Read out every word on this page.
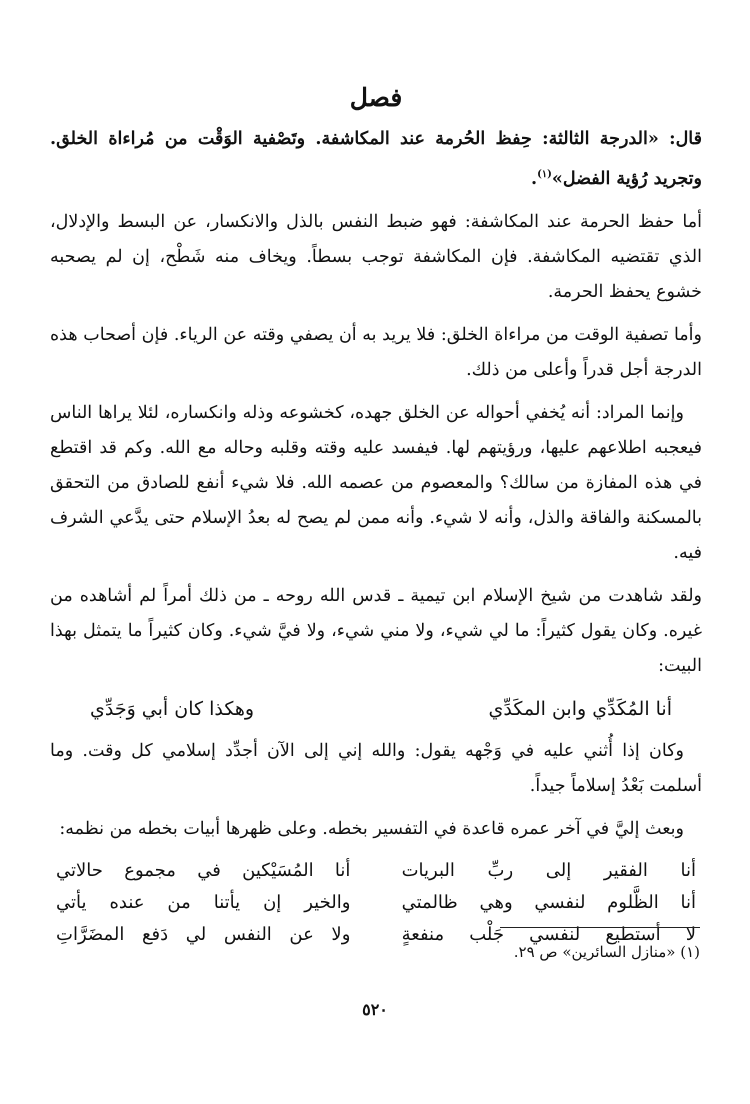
فصل

قال: «الدرجة الثالثة: حِفظ الحُرمة عند المكاشفة. وتَصْفية الوَقْت من مُراءاة الخلق. وتجريد رُؤية الفضل»$^{(١)}$.

أما حفظ الحرمة عند المكاشفة: فهو ضبط النفس بالذل والانكسار، عن البسط والإدلال، الذي تقتضيه المكاشفة. فإن المكاشفة توجب بسطاً. ويخاف منه شَطْح، إن لم يصحبه خشوع يحفظ الحرمة.

وأما تصفية الوقت من مراءاة الخلق: فلا يريد به أن يصفي وقته عن الرياء. فإن أصحاب هذه الدرجة أجل قدراً وأعلى من ذلك.

وإنما المراد: أنه يُخفي أحواله عن الخلق جهده، كخشوعه وذله وانكساره، لئلا يراها الناس فيعجبه اطلاعهم عليها، ورؤيتهم لها. فيفسد عليه وقته وقلبه وحاله مع الله. وكم قد اقتطع في هذه المفازة من سالك؟ والمعصوم من عصمه الله. فلا شيء أنفع للصادق من التحقق بالمسكنة والفاقة والذل، وأنه لا شيء. وأنه ممن لم يصح له بعدُ الإسلام حتى يدَّعي الشرف فيه.

ولقد شاهدت من شيخ الإسلام ابن تيمية ـ قدس الله روحه ـ من ذلك أمراً لم أشاهده من غيره. وكان يقول كثيراً: ما لي شيء، ولا مني شيء، ولا فيَّ شيء. وكان كثيراً ما يتمثل بهذا البيت:

أنا المُكَدِّي وابن المكَدِّي
وهكذا كان أبي وَجَدِّي

وكان إذا أُثني عليه في وَجْهه يقول: والله إني إلى الآن أجدِّد إسلامي كل وقت. وما أسلمت بَعْدُ إسلاماً جيداً.

وبعث إليَّ في آخر عمره قاعدة في التفسير بخطه. وعلى ظهرها أبيات بخطه من نظمه:

أنا الفقير إلى ربِّ البريات
أنا المُسَيْكين في مجموع حالاتي
أنا الظَّلوم لنفسي وهي ظالمتي
والخير إن يأتنا من عنده يأتي
لا أستطيع لنفسي جَلْب منفعةٍ
ولا عن النفس لي دَفع المضَرَّاتِ
(١) «منازل السائرين» ص ٢٩.
٥٢٠
